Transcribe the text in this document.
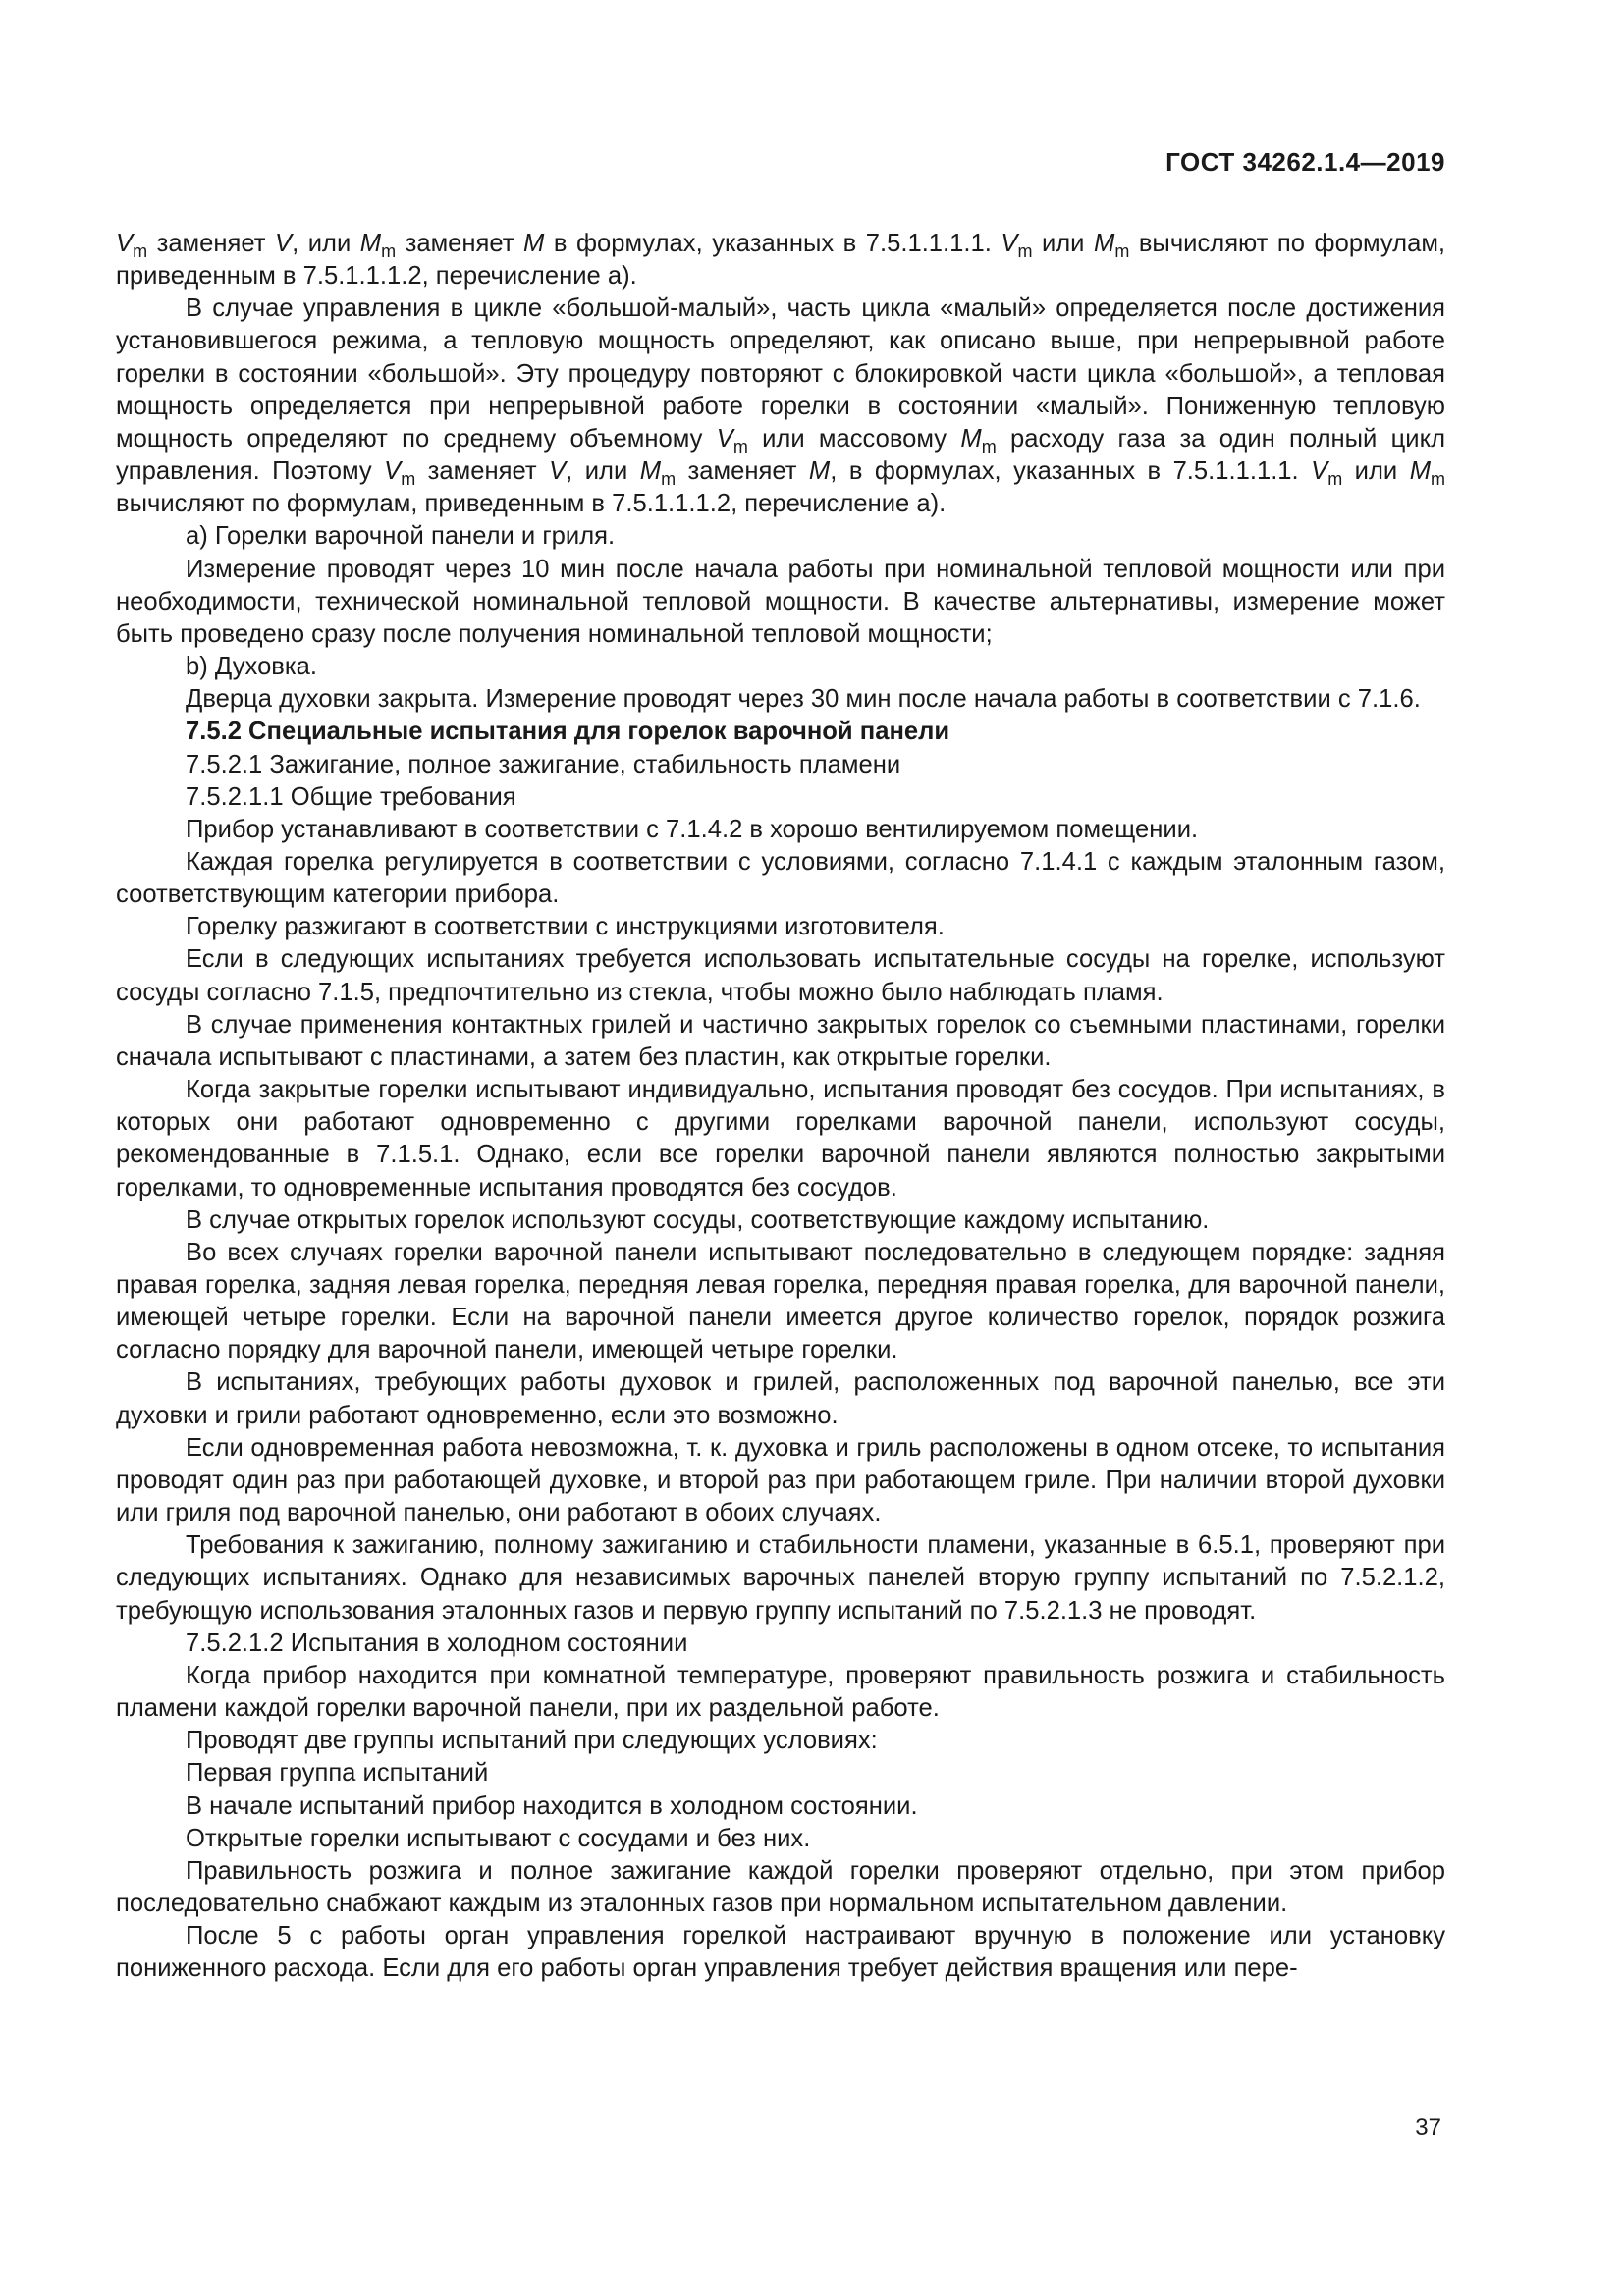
ГОСТ 34262.1.4—2019

$V_m$ заменяет V, или $M_m$ заменяет M в формулах, указанных в 7.5.1.1.1.1. $V_m$ или $M_m$ вычисляют по формулам, приведенным в 7.5.1.1.1.2, перечисление а).

В случае управления в цикле «большой-малый», часть цикла «малый» определяется после достижения установившегося режима, а тепловую мощность определяют, как описано выше, при непрерывной работе горелки в состоянии «большой». Эту процедуру повторяют с блокировкой части цикла «большой», а тепловая мощность определяется при непрерывной работе горелки в состоянии «малый». Пониженную тепловую мощность определяют по среднему объемному $V_m$ или массовому $M_m$ расходу газа за один полный цикл управления. Поэтому $V_m$ заменяет V, или $M_m$ заменяет M, в формулах, указанных в 7.5.1.1.1.1. $V_m$ или $M_m$ вычисляют по формулам, приведенным в 7.5.1.1.1.2, перечисление а).

а) Горелки варочной панели и гриля.

Измерение проводят через 10 мин после начала работы при номинальной тепловой мощности или при необходимости, технической номинальной тепловой мощности. В качестве альтернативы, измерение может быть проведено сразу после получения номинальной тепловой мощности;

b) Духовка.

Дверца духовки закрыта. Измерение проводят через 30 мин после начала работы в соответствии с 7.1.6.

7.5.2 Специальные испытания для горелок варочной панели

7.5.2.1 Зажигание, полное зажигание, стабильность пламени

7.5.2.1.1 Общие требования

Прибор устанавливают в соответствии с 7.1.4.2 в хорошо вентилируемом помещении.

Каждая горелка регулируется в соответствии с условиями, согласно 7.1.4.1 с каждым эталонным газом, соответствующим категории прибора.

Горелку разжигают в соответствии с инструкциями изготовителя.

Если в следующих испытаниях требуется использовать испытательные сосуды на горелке, используют сосуды согласно 7.1.5, предпочтительно из стекла, чтобы можно было наблюдать пламя.

В случае применения контактных грилей и частично закрытых горелок со съемными пластинами, горелки сначала испытывают с пластинами, а затем без пластин, как открытые горелки.

Когда закрытые горелки испытывают индивидуально, испытания проводят без сосудов. При испытаниях, в которых они работают одновременно с другими горелками варочной панели, используют сосуды, рекомендованные в 7.1.5.1. Однако, если все горелки варочной панели являются полностью закрытыми горелками, то одновременные испытания проводятся без сосудов.

В случае открытых горелок используют сосуды, соответствующие каждому испытанию.

Во всех случаях горелки варочной панели испытывают последовательно в следующем порядке: задняя правая горелка, задняя левая горелка, передняя левая горелка, передняя правая горелка, для варочной панели, имеющей четыре горелки. Если на варочной панели имеется другое количество горелок, порядок розжига согласно порядку для варочной панели, имеющей четыре горелки.

В испытаниях, требующих работы духовок и грилей, расположенных под варочной панелью, все эти духовки и грили работают одновременно, если это возможно.

Если одновременная работа невозможна, т. к. духовка и гриль расположены в одном отсеке, то испытания проводят один раз при работающей духовке, и второй раз при работающем гриле. При наличии второй духовки или гриля под варочной панелью, они работают в обоих случаях.

Требования к зажиганию, полному зажиганию и стабильности пламени, указанные в 6.5.1, проверяют при следующих испытаниях. Однако для независимых варочных панелей вторую группу испытаний по 7.5.2.1.2, требующую использования эталонных газов и первую группу испытаний по 7.5.2.1.3 не проводят.

7.5.2.1.2 Испытания в холодном состоянии

Когда прибор находится при комнатной температуре, проверяют правильность розжига и стабильность пламени каждой горелки варочной панели, при их раздельной работе.

Проводят две группы испытаний при следующих условиях:

Первая группа испытаний

В начале испытаний прибор находится в холодном состоянии.

Открытые горелки испытывают с сосудами и без них.

Правильность розжига и полное зажигание каждой горелки проверяют отдельно, при этом прибор последовательно снабжают каждым из эталонных газов при нормальном испытательном давлении.

После 5 с работы орган управления горелкой настраивают вручную в положение или установку пониженного расхода. Если для его работы орган управления требует действия вращения или пере-

37
